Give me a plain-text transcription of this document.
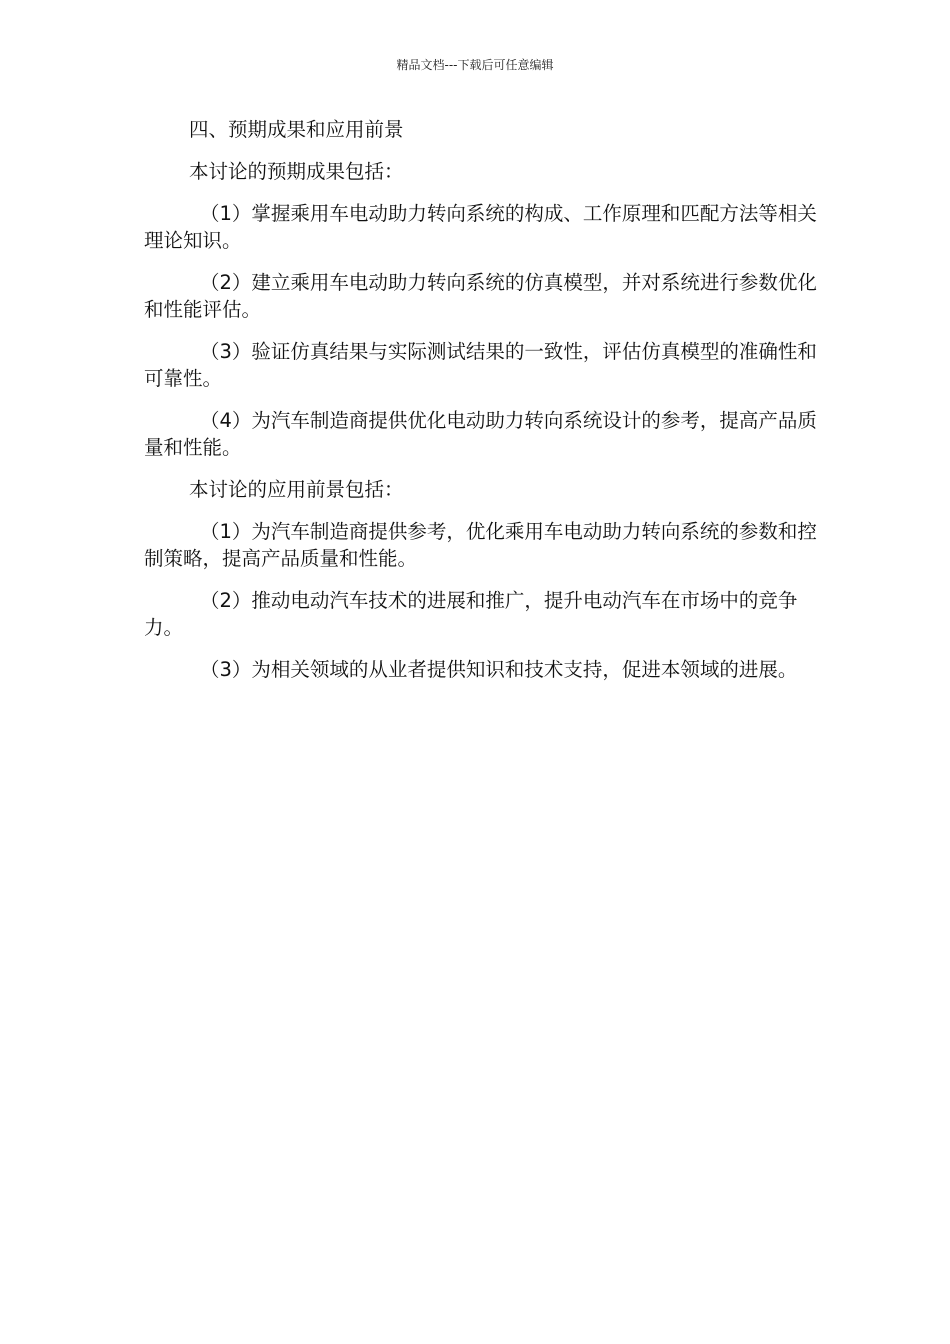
精品文档---下载后可任意编辑

四、预期成果和应用前景

本讨论的预期成果包括：

（1）掌握乘用车电动助力转向系统的构成、工作原理和匹配方法等相关理论知识。

（2）建立乘用车电动助力转向系统的仿真模型，并对系统进行参数优化和性能评估。

（3）验证仿真结果与实际测试结果的一致性，评估仿真模型的准确性和可靠性。

（4）为汽车制造商提供优化电动助力转向系统设计的参考，提高产品质量和性能。

本讨论的应用前景包括：

（1）为汽车制造商提供参考，优化乘用车电动助力转向系统的参数和控制策略，提高产品质量和性能。

（2）推动电动汽车技术的进展和推广，提升电动汽车在市场中的竞争力。

（3）为相关领域的从业者提供知识和技术支持，促进本领域的进展。
